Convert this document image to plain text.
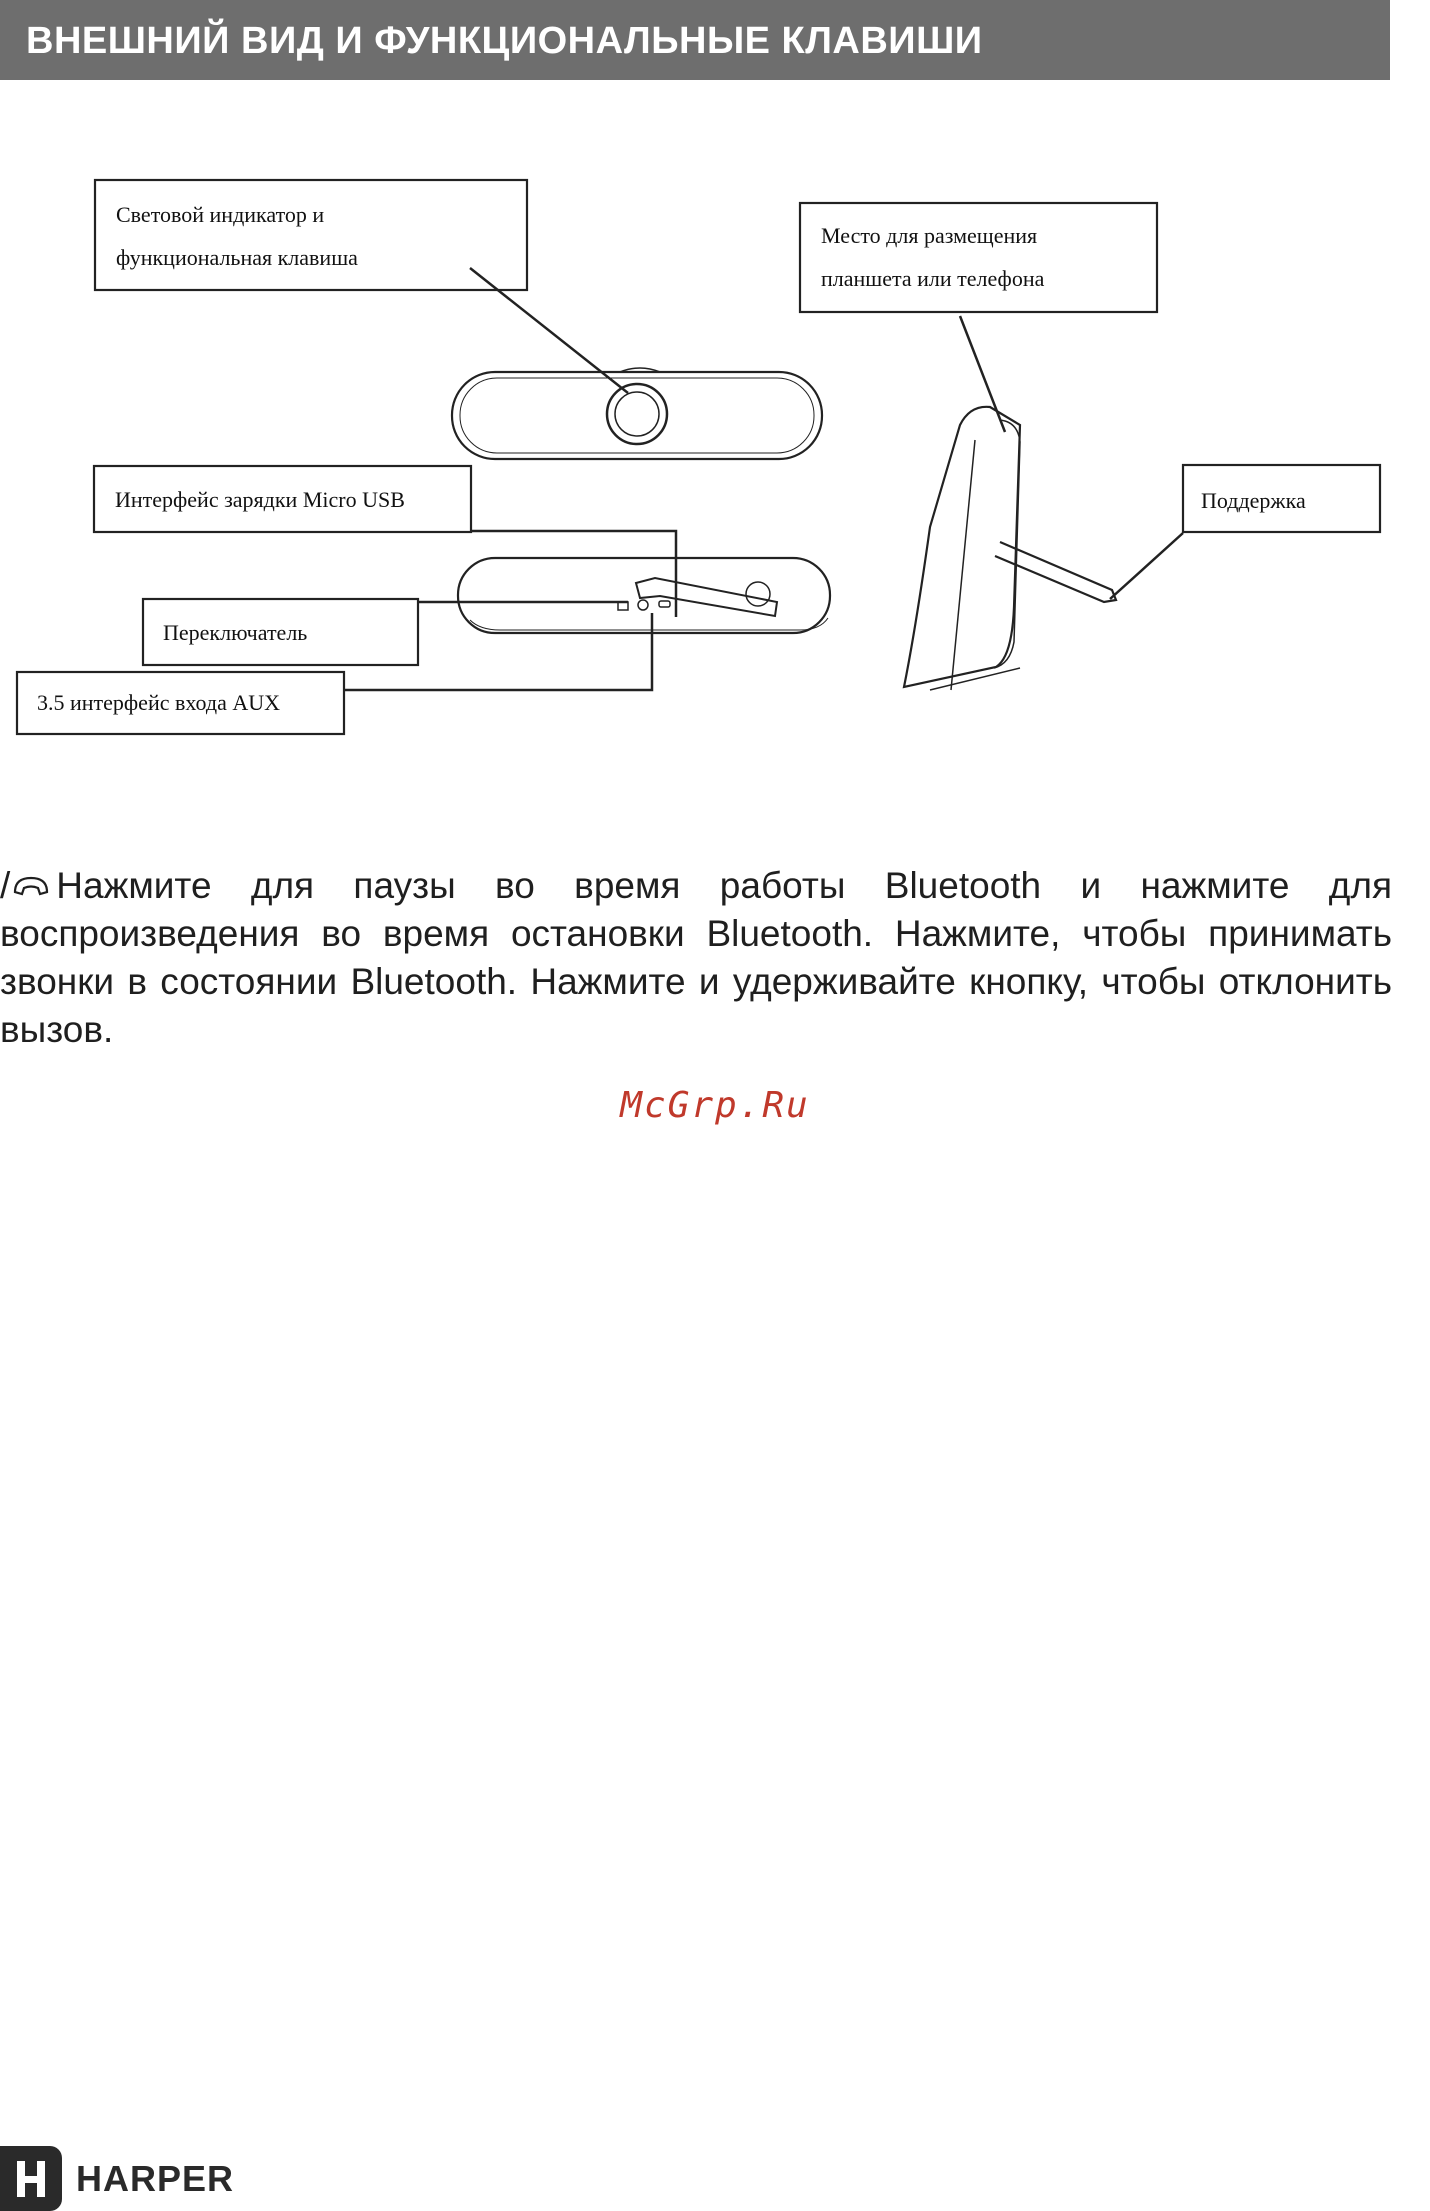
ВНЕШНИЙ ВИД И ФУНКЦИОНАЛЬНЫЕ КЛАВИШИ
Световой индикатор и
функциональная клавиша
Место для размещения
планшета или телефона
Интерфейс зарядки Micro USB	Поддержка
Переключатель
3.5 интерфейс входа AUX

/ Нажмите для паузы во время работы Bluetooth и нажмите для воспроизведения во время остановки Bluetooth. Нажмите, чтобы принимать звонки в состоянии Bluetooth. Нажмите и удерживайте кнопку, чтобы отклонить вызов.

McGrp.Ru
HARPER
